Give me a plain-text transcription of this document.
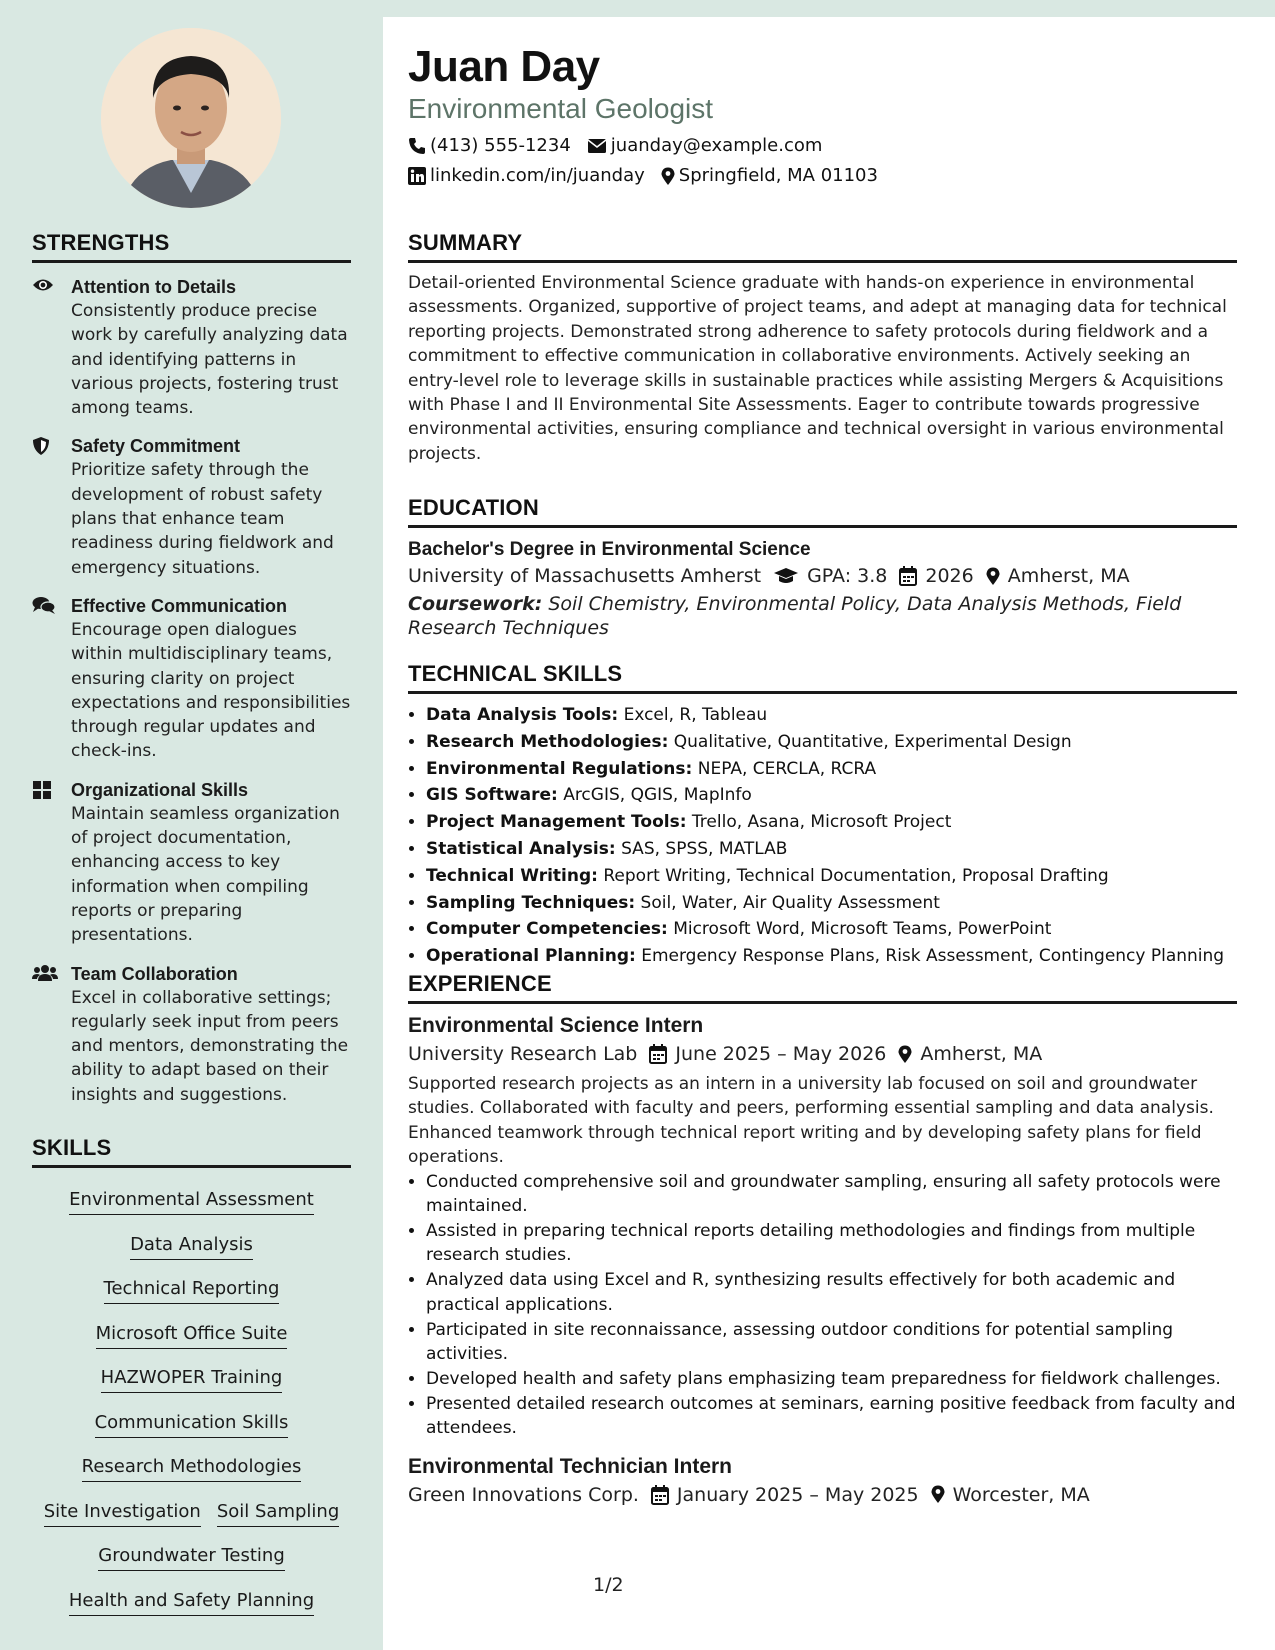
STRENGTHS
Attention to Details
Consistently produce precise work by carefully analyzing data and identifying patterns in various projects, fostering trust among teams.
Safety Commitment
Prioritize safety through the development of robust safety plans that enhance team readiness during fieldwork and emergency situations.
Effective Communication
Encourage open dialogues within multidisciplinary teams, ensuring clarity on project expectations and responsibilities through regular updates and check-ins.
Organizational Skills
Maintain seamless organization of project documentation, enhancing access to key information when compiling reports or preparing presentations.
Team Collaboration
Excel in collaborative settings; regularly seek input from peers and mentors, demonstrating the ability to adapt based on their insights and suggestions.
SKILLS
Environmental Assessment
Data AnalysisTechnical Reporting
Microsoft Office Suite
HAZWOPER Training
Communication Skills
Research Methodologies
Site Investigation Soil Sampling
Groundwater Testing
Health and Safety Planning
Juan Day
Environmental Geologist
(413) 555-1234 juanday@example.com
linkedin.com/in/juanday Springfield, MA 01103
SUMMARY
Detail-oriented Environmental Science graduate with hands-on experience in environmental assessments. Organized, supportive of project teams, and adept at managing data for technical reporting projects. Demonstrated strong adherence to safety protocols during fieldwork and a commitment to effective communication in collaborative environments. Actively seeking an entry-level role to leverage skills in sustainable practices while assisting Mergers & Acquisitions with Phase I and II Environmental Site Assessments. Eager to contribute towards progressive environmental activities, ensuring compliance and technical oversight in various environmental projects.
EDUCATION
Bachelor's Degree in Environmental Science
University of Massachusetts Amherst GPA: 3.8 2026 Amherst, MA
Coursework: Soil Chemistry, Environmental Policy, Data Analysis Methods, Field Research Techniques
TECHNICAL SKILLS
• Data Analysis Tools: Excel, R, Tableau
• Research Methodologies: Qualitative, Quantitative, Experimental Design
• Environmental Regulations: NEPA, CERCLA, RCRA
• GIS Software: ArcGIS, QGIS, MapInfo
• Project Management Tools: Trello, Asana, Microsoft Project
• Statistical Analysis: SAS, SPSS, MATLAB
• Technical Writing: Report Writing, Technical Documentation, Proposal Drafting
• Sampling Techniques: Soil, Water, Air Quality Assessment
• Computer Competencies: Microsoft Word, Microsoft Teams, PowerPoint
• Operational Planning: Emergency Response Plans, Risk Assessment, Contingency Planning
EXPERIENCE
Environmental Science Intern
University Research Lab June 2025 – May 2026 Amherst, MA
Supported research projects as an intern in a university lab focused on soil and groundwater studies. Collaborated with faculty and peers, performing essential sampling and data analysis. Enhanced teamwork through technical report writing and by developing safety plans for field operations.
• Conducted comprehensive soil and groundwater sampling, ensuring all safety protocols were maintained.
• Assisted in preparing technical reports detailing methodologies and findings from multiple research studies.
• Analyzed data using Excel and R, synthesizing results effectively for both academic and practical applications.
• Participated in site reconnaissance, assessing outdoor conditions for potential sampling activities.
• Developed health and safety plans emphasizing team preparedness for fieldwork challenges.
• Presented detailed research outcomes at seminars, earning positive feedback from faculty and attendees.
Environmental Technician Intern
Green Innovations Corp. January 2025 – May 2025 Worcester, MA
1/2
